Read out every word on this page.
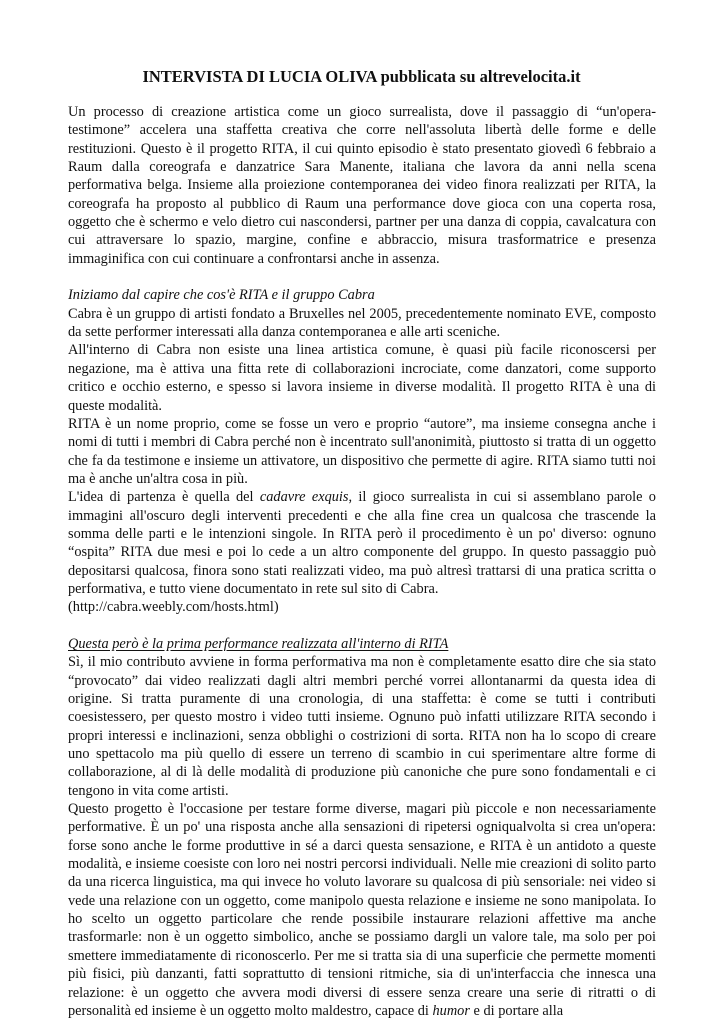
INTERVISTA DI LUCIA OLIVA pubblicata su altrevelocita.it

Un processo di creazione artistica come un gioco surrealista, dove il passaggio di “un'opera-testimone” accelera una staffetta creativa che corre nell'assoluta libertà delle forme e delle restituzioni. Questo è il progetto RITA, il cui quinto episodio è stato presentato giovedì 6 febbraio a Raum dalla coreografa e danzatrice Sara Manente, italiana che lavora da anni nella scena performativa belga. Insieme alla proiezione contemporanea dei video finora realizzati per RITA, la coreografa ha proposto al pubblico di Raum una performance dove gioca con una coperta rosa, oggetto che è schermo e velo dietro cui nascondersi, partner per una danza di coppia, cavalcatura con cui attraversare lo spazio, margine, confine e abbraccio, misura trasformatrice e presenza immaginifica con cui continuare a confrontarsi anche in assenza.

Iniziamo dal capire che cos'è RITA e il gruppo Cabra

Cabra è un gruppo di artisti fondato a Bruxelles nel 2005, precedentemente nominato EVE, composto da sette performer interessati alla danza contemporanea e alle arti sceniche.

All'interno di Cabra non esiste una linea artistica comune, è quasi più facile riconoscersi per negazione, ma è attiva una fitta rete di collaborazioni incrociate, come danzatori, come supporto critico e occhio esterno, e spesso si lavora insieme in diverse modalità. Il progetto RITA è una di queste modalità.

RITA è un nome proprio, come se fosse un vero e proprio “autore”, ma insieme consegna anche i nomi di tutti i membri di Cabra perché non è incentrato sull'anonimità, piuttosto si tratta di un oggetto che fa da testimone e insieme un attivatore, un dispositivo che permette di agire. RITA siamo tutti noi ma è anche un'altra cosa in più.

L'idea di partenza è quella del cadavre exquis, il gioco surrealista in cui si assemblano parole o immagini all'oscuro degli interventi precedenti e che alla fine crea un qualcosa che trascende la somma delle parti e le intenzioni singole. In RITA però il procedimento è un po' diverso: ognuno “ospita” RITA due mesi e poi lo cede a un altro componente del gruppo. In questo passaggio può depositarsi qualcosa, finora sono stati realizzati video, ma può altresì trattarsi di una pratica scritta o performativa, e tutto viene documentato in rete sul sito di Cabra.

(http://cabra.weebly.com/hosts.html)

Questa però è la prima performance realizzata all'interno di RITA

Sì, il mio contributo avviene in forma performativa ma non è completamente esatto dire che sia stato “provocato” dai video realizzati dagli altri membri perché vorrei allontanarmi da questa idea di origine. Si tratta puramente di una cronologia, di una staffetta: è come se tutti i contributi coesistessero, per questo mostro i video tutti insieme. Ognuno può infatti utilizzare RITA secondo i propri interessi e inclinazioni, senza obblighi o costrizioni di sorta. RITA non ha lo scopo di creare uno spettacolo ma più quello di essere un terreno di scambio in cui sperimentare altre forme di collaborazione, al di là delle modalità di produzione più canoniche che pure sono fondamentali e ci tengono in vita come artisti.

Questo progetto è l'occasione per testare forme diverse, magari più piccole e non necessariamente performative. È un po' una risposta anche alla sensazioni di ripetersi ogniqualvolta si crea un'opera: forse sono anche le forme produttive in sé a darci questa sensazione, e RITA è un antidoto a queste modalità, e insieme coesiste con loro nei nostri percorsi individuali. Nelle mie creazioni di solito parto da una ricerca linguistica, ma qui invece ho voluto lavorare su qualcosa di più sensoriale: nei video si vede una relazione con un oggetto, come manipolo questa relazione e insieme ne sono manipolata. Io ho scelto un oggetto particolare che rende possibile instaurare relazioni affettive ma anche trasformarle: non è un oggetto simbolico, anche se possiamo dargli un valore tale, ma solo per poi smettere immediatamente di riconoscerlo. Per me si tratta sia di una superficie che permette momenti più fisici, più danzanti, fatti soprattutto di tensioni ritmiche, sia di un'interfaccia che innesca una relazione: è un oggetto che avvera modi diversi di essere senza creare una serie di ritratti o di personalità ed insieme è un oggetto molto maldestro, capace di humor e di portare alla
